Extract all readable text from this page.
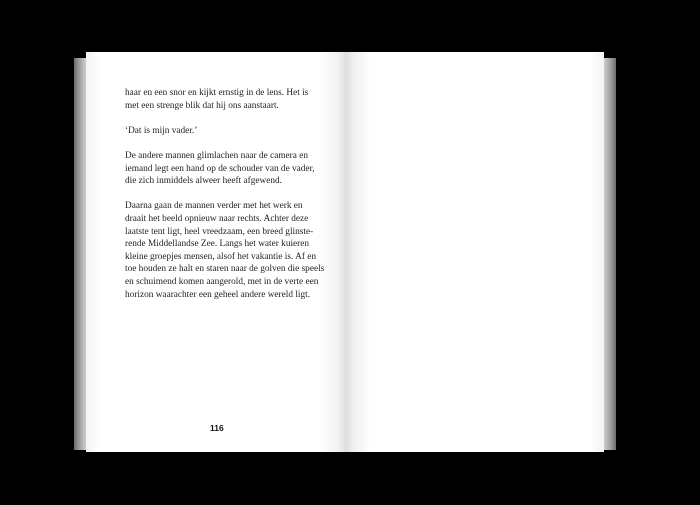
haar en een snor en kijkt ernstig in de lens. Het is
met een strenge blik dat hij ons aanstaart.

‘Dat is mijn vader.’

De andere mannen glimlachen naar de camera en
iemand legt een hand op de schouder van de vader,
die zich inmiddels alweer heeft afgewend.

Daarna gaan de mannen verder met het werk en
draait het beeld opnieuw naar rechts. Achter deze
laatste tent ligt, heel vreedzaam, een breed glinste-
rende Middellandse Zee. Langs het water kuieren
kleine groepjes mensen, alsof het vakantie is. Af en
toe houden ze halt en staren naar de golven die speels
en schuimend komen aangerold, met in de verte een
horizon waarachter een geheel andere wereld ligt.

116
